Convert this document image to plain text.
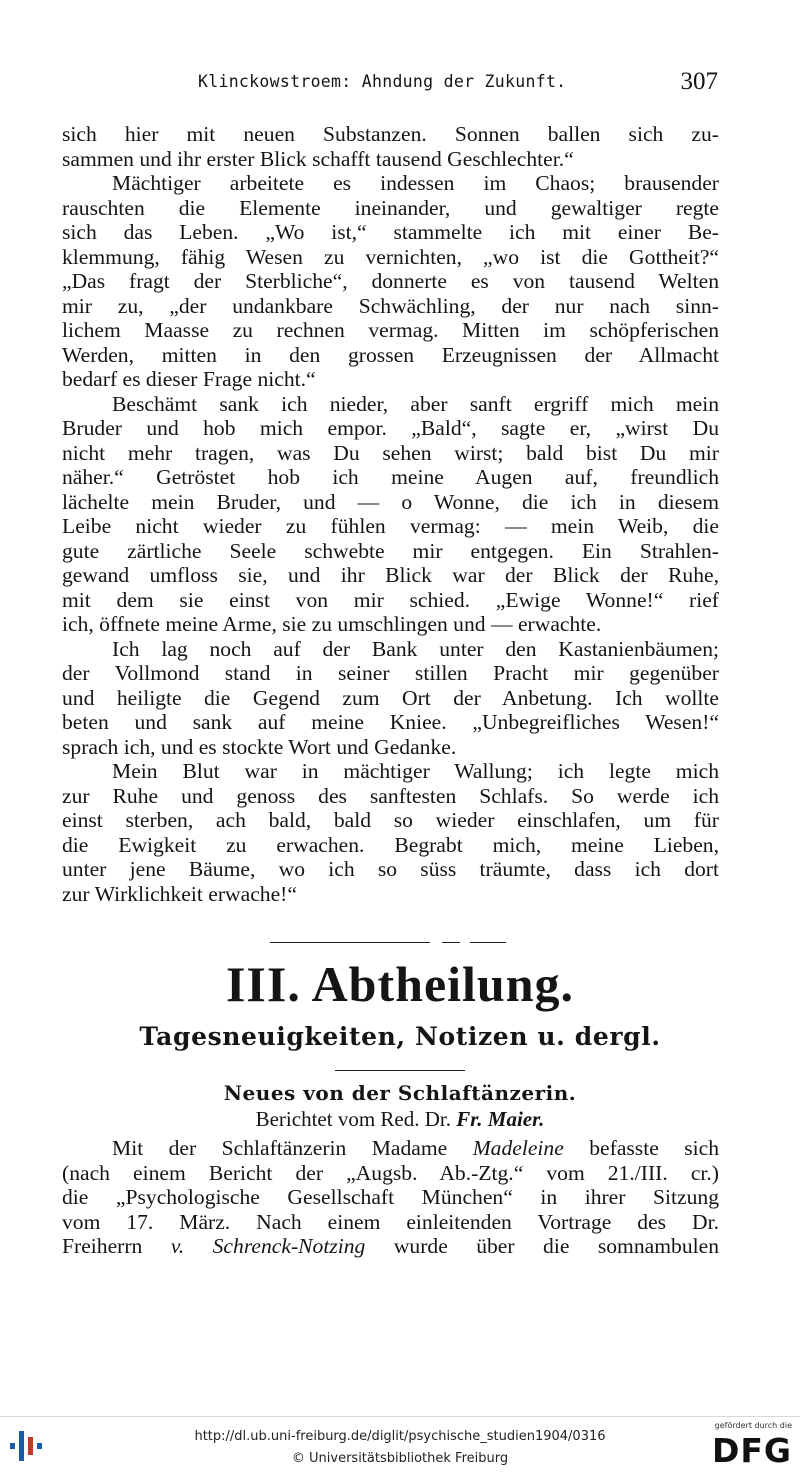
Klinckowstroem: Ahndung der Zukunft.	307
sich hier mit neuen Substanzen. Sonnen ballen sich zu-
sammen und ihr erster Blick schafft tausend Geschlechter.“
Mächtiger arbeitete es indessen im Chaos; brausender
rauschten die Elemente ineinander, und gewaltiger regte
sich das Leben. „Wo ist,“ stammelte ich mit einer Be-
klemmung, fähig Wesen zu vernichten, „wo ist die Gottheit?“
„Das fragt der Sterbliche“, donnerte es von tausend Welten
mir zu, „der undankbare Schwächling, der nur nach sinn-
lichem Maasse zu rechnen vermag. Mitten im schöpferischen
Werden, mitten in den grossen Erzeugnissen der Allmacht
bedarf es dieser Frage nicht.“
Beschämt sank ich nieder, aber sanft ergriff mich mein
Bruder und hob mich empor. „Bald“, sagte er, „wirst Du
nicht mehr tragen, was Du sehen wirst; bald bist Du mir
näher.“ Getröstet hob ich meine Augen auf, freundlich
lächelte mein Bruder, und — o Wonne, die ich in diesem
Leibe nicht wieder zu fühlen vermag: — mein Weib, die
gute zärtliche Seele schwebte mir entgegen. Ein Strahlen-
gewand umfloss sie, und ihr Blick war der Blick der Ruhe,
mit dem sie einst von mir schied. „Ewige Wonne!“ rief
ich, öffnete meine Arme, sie zu umschlingen und — erwachte.
Ich lag noch auf der Bank unter den Kastanienbäumen;
der Vollmond stand in seiner stillen Pracht mir gegenüber
und heiligte die Gegend zum Ort der Anbetung. Ich wollte
beten und sank auf meine Kniee. „Unbegreifliches Wesen!“
sprach ich, und es stockte Wort und Gedanke.
Mein Blut war in mächtiger Wallung; ich legte mich
zur Ruhe und genoss des sanftesten Schlafs. So werde ich
einst sterben, ach bald, bald so wieder einschlafen, um für
die Ewigkeit zu erwachen. Begrabt mich, meine Lieben,
unter jene Bäume, wo ich so süss träumte, dass ich dort
zur Wirklichkeit erwache!“
III. Abtheilung.
Tagesneuigkeiten, Notizen u. dergl.
Neues von der Schlaftänzerin.
Berichtet vom Red. Dr. Fr. Maier.
Mit der Schlaftänzerin Madame Madeleine befasste sich
(nach einem Bericht der „Augsb. Ab.-Ztg.“ vom 21./III. cr.)
die „Psychologische Gesellschaft München“ in ihrer Sitzung
vom 17. März. Nach einem einleitenden Vortrage des Dr.
Freiherrn v. Schrenck-Notzing wurde über die somnambulen
http://dl.ub.uni-freiburg.de/diglit/psychische_studien1904/0316
© Universitätsbibliothek Freiburg
gefördert durch die
DFG
